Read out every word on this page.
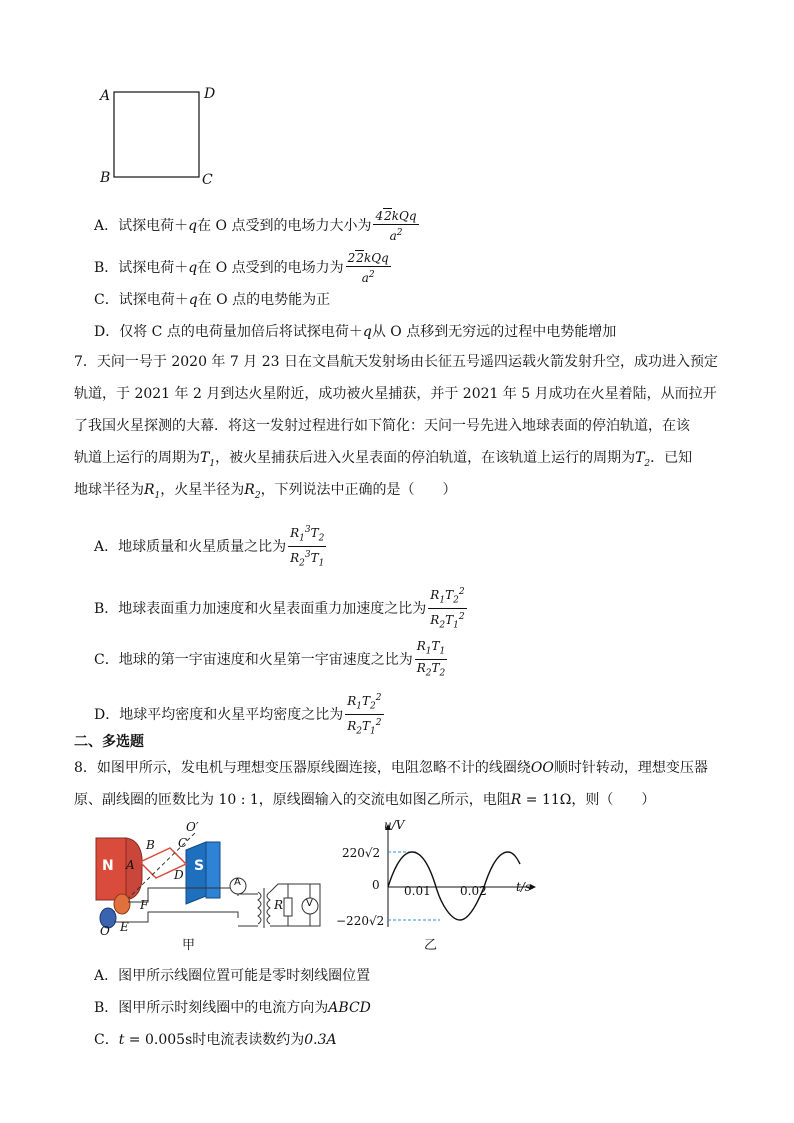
A	D
B	C
A．试探电荷＋q在 O 点受到的电场力大小为 $\frac{\text{42kQq}}{a^2}$
B．试探电荷＋q在 O 点受到的电场力为 $\frac{\text{22kQq}}{a^2}$
C．试探电荷＋q在 O 点的电势能为正
D．仅将 C 点的电荷量加倍后将试探电荷＋q从 O 点移到无穷远的过程中电势能增加
7．天问一号于 2020 年 7 月 23 日在文昌航天发射场由长征五号遥四运载火箭发射升空，成功进入预定
轨道，于 2021 年 2 月到达火星附近，成功被火星捕获，并于 2021 年 5 月成功在火星着陆，从而拉开
了我国火星探测的大幕．将这一发射过程进行如下简化：天问一号先进入地球表面的停泊轨道，在该
轨道上运行的周期为$T_1$，被火星捕获后进入火星表面的停泊轨道，在该轨道上运行的周期为$T_2$．已知
地球半径为$R_1$，火星半径为$R_2$，下列说法中正确的是（　　）
A．地球质量和火星质量之比为 $\frac{R_1^3T_2}{R_2^3T_1}$
B．地球表面重力加速度和火星表面重力加速度之比为 $\frac{R_1T_2^2}{R_2T_1^2}$
C．地球的第一宇宙速度和火星第一宇宙速度之比为 $\frac{R_1T_1}{R_2T_2}$
D．地球平均密度和火星平均密度之比为 $\frac{R_1T_2^2}{R_2T_1^2}$
二、多选题
8．如图甲所示，发电机与理想变压器原线圈连接，电阻忽略不计的线圈绕OO顺时针转动，理想变压器
原、副线圈的匝数比为 10 : 1，原线圈输入的交流电如图乙所示，电阻R = 11Ω，则（　　）
N	S
B C
A
D
O′
F
E
O
A
R V
甲
u/V
220√2
0 0.01 0.02 t/s
−220√2
乙
A．图甲所示线圈位置可能是零时刻线圈位置
B．图甲所示时刻线圈中的电流方向为ABCD
C．t = 0.005s时电流表读数约为0.3A
